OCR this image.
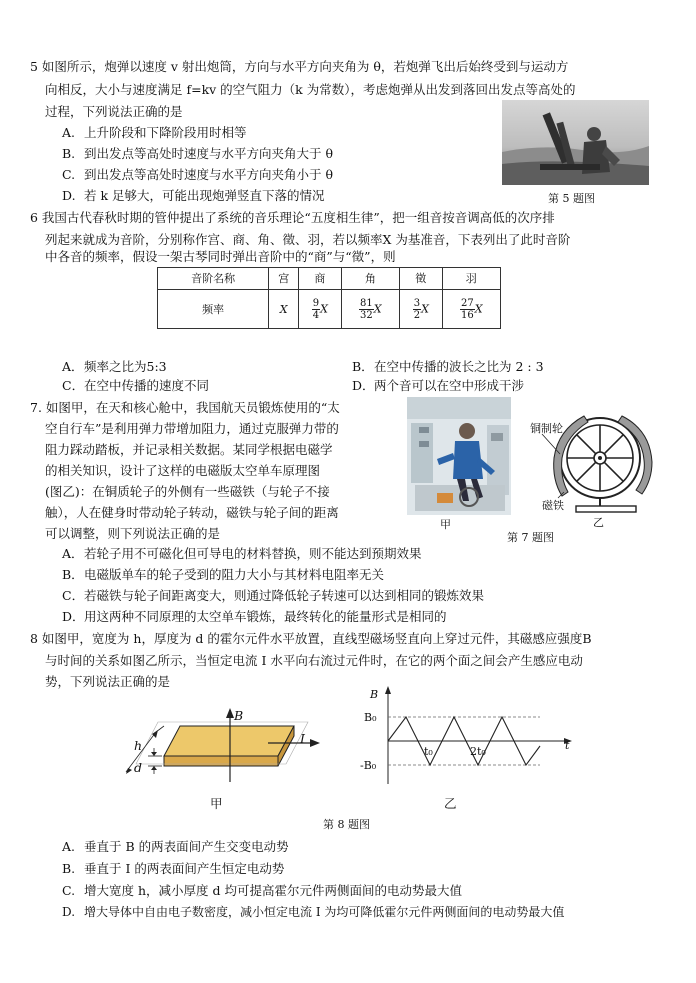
5 如图所示，炮弹以速度 v 射出炮筒，方向与水平方向夹角为 θ，若炮弹飞出后始终受到与运动方
向相反，大小与速度满足 f=kv 的空气阻力（k 为常数），考虑炮弹从出发到落回出发点等高处的
过程，下列说法正确的是
A. 上升阶段和下降阶段用时相等
B. 到出发点等高处时速度与水平方向夹角大于 θ
C. 到出发点等高处时速度与水平方向夹角小于 θ
D. 若 k 足够大，可能出现炮弹竖直下落的情况	第 5 题图
6 我国古代春秋时期的管仲提出了系统的音乐理论“五度相生律”，把一组音按音调高低的次序排
列起来就成为音阶，分别称作宫、商、角、徵、羽，若以频率X 为基准音，下表列出了此时音阶
中各音的频率，假设一架古琴同时弹出音阶中的“商”与“徵”，则
音阶名称	宫	商	角	徵	羽
频率	X	$\frac{9}{4}$ X	$\frac{81}{32}$ X	$\frac{3}{2}$ X	$\frac{27}{16}$ X
A．频率之比为5:3	B．在空中传播的波长之比为 2 : 3
C．在空中传播的速度不同	D．两个音可以在空中形成干涉
7. 如图甲，在天和核心舱中，我国航天员锻炼使用的“太
空自行车”是利用弹力带增加阻力，通过克服弹力带的
阻力踩动踏板，并记录相关数据。某同学根据电磁学
的相关知识，设计了这样的电磁版太空单车原理图
(图乙)：在铜质轮子的外侧有一些磁铁（与轮子不接
触），人在健身时带动轮子转动，磁铁与轮子间的距离
可以调整，则下列说法正确的是
甲
铜制轮
磁铁
乙
第 7 题图
A．若轮子用不可磁化但可导电的材料替换，则不能达到预期效果
B．电磁版单车的轮子受到的阻力大小与其材料电阻率无关
C．若磁铁与轮子间距离变大，则通过降低轮子转速可以达到相同的锻炼效果
D．用这两种不同原理的太空单车锻炼，最终转化的能量形式是相同的
8 如图甲，宽度为 h，厚度为 d 的霍尔元件水平放置，直线型磁场竖直向上穿过元件，其磁感应强度B
与时间的关系如图乙所示，当恒定电流 I 水平向右流过元件时，在它的两个面之间会产生感应电动
势，下列说法正确的是
B
h
d
I
甲
B
t
B₀
-B₀
t₀	2t₀
乙
第 8 题图
A. 垂直于 B 的两表面间产生交变电动势
B. 垂直于 I 的两表面间产生恒定电动势
C. 增大宽度 h，减小厚度 d 均可提高霍尔元件两侧面间的电动势最大值
D. 增大导体中自由电子数密度，减小恒定电流 I 为均可降低霍尔元件两侧面间的电动势最大值
